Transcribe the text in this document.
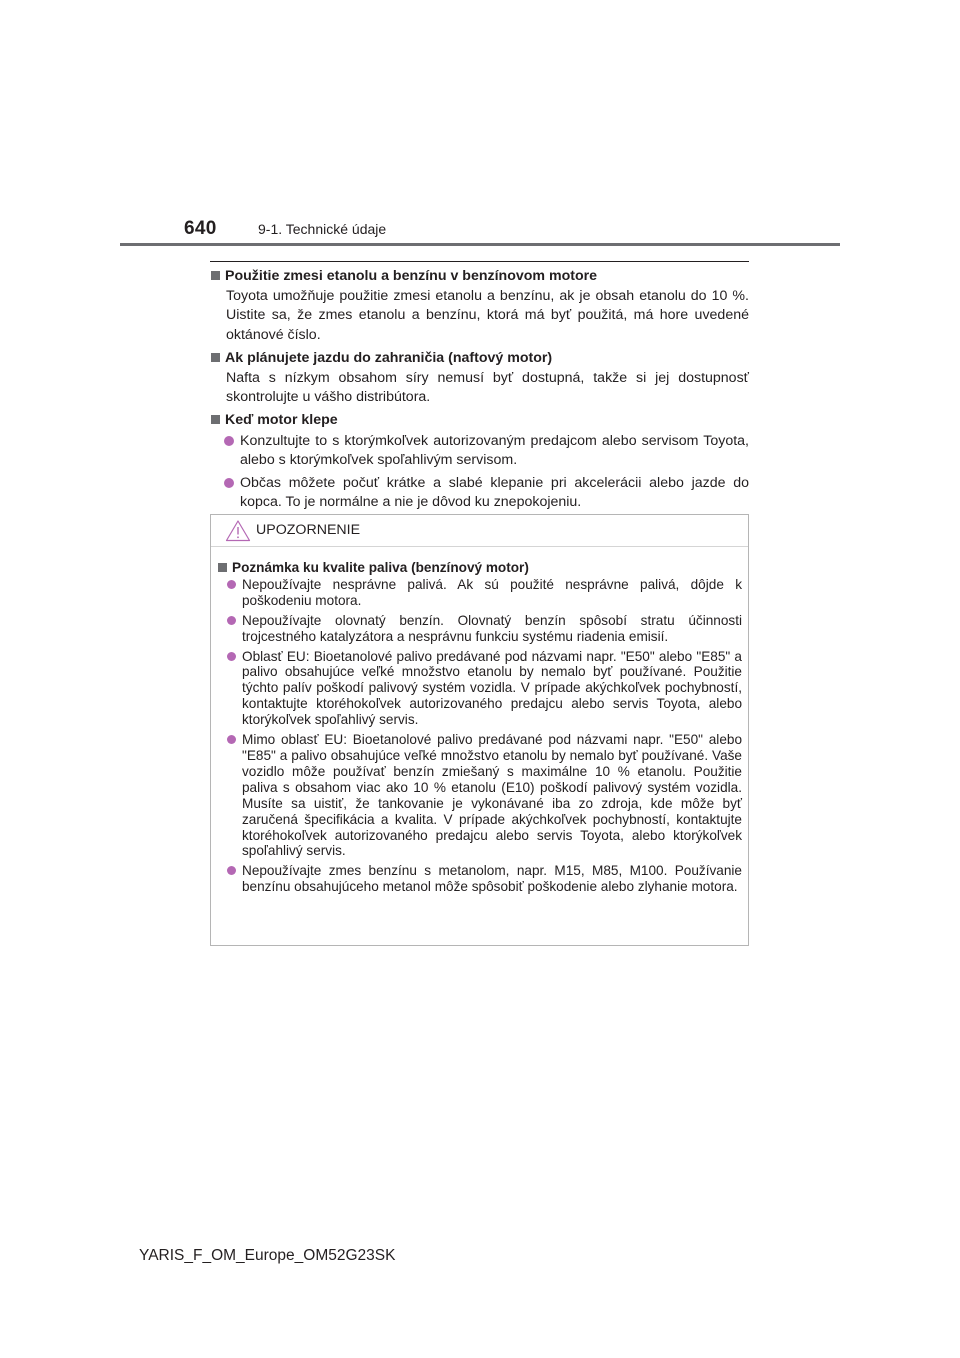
640	9-1. Technické údaje
Použitie zmesi etanolu a benzínu v benzínovom motore
Toyota umožňuje použitie zmesi etanolu a benzínu, ak je obsah etanolu do 10 %. Uistite sa, že zmes etanolu a benzínu, ktorá má byť použitá, má hore uvedené oktánové číslo.
Ak plánujete jazdu do zahraničia (naftový motor)
Nafta s nízkym obsahom síry nemusí byť dostupná, takže si jej dostupnosť skontrolujte u vášho distribútora.
Keď motor klepe
Konzultujte to s ktorýmkoľvek autorizovaným predajcom alebo servisom Toyota, alebo s ktorýmkoľvek spoľahlivým servisom.
Občas môžete počuť krátke a slabé klepanie pri akcelerácii alebo jazde do kopca. To je normálne a nie je dôvod ku znepokojeniu.
UPOZORNENIE
Poznámka ku kvalite paliva (benzínový motor)
Nepoužívajte nesprávne palivá. Ak sú použité nesprávne palivá, dôjde k poškodeniu motora.
Nepoužívajte olovnatý benzín. Olovnatý benzín spôsobí stratu účinnosti trojcestného katalyzátora a nesprávnu funkciu systému riadenia emisií.
Oblasť EU: Bioetanolové palivo predávané pod názvami napr. "E50" alebo "E85" a palivo obsahujúce veľké množstvo etanolu by nemalo byť používané. Použitie týchto palív poškodí palivový systém vozidla. V prípade akýchkoľvek pochybností, kontaktujte ktoréhokoľvek autorizovaného predajcu alebo servis Toyota, alebo ktorýkoľvek spoľahlivý servis.
Mimo oblasť EU: Bioetanolové palivo predávané pod názvami napr. "E50" alebo "E85" a palivo obsahujúce veľké množstvo etanolu by nemalo byť používané. Vaše vozidlo môže používať benzín zmiešaný s maximálne 10 % etanolu. Použitie paliva s obsahom viac ako 10 % etanolu (E10) poškodí palivový systém vozidla. Musíte sa uistiť, že tankovanie je vykonávané iba zo zdroja, kde môže byť zaručená špecifikácia a kvalita. V prípade akýchkoľvek pochybností, kontaktujte ktoréhokoľvek autorizovaného predajcu alebo servis Toyota, alebo ktorýkoľvek spoľahlivý servis.
Nepoužívajte zmes benzínu s metanolom, napr. M15, M85, M100. Používanie benzínu obsahujúceho metanol môže spôsobiť poškodenie alebo zlyhanie motora.
YARIS_F_OM_Europe_OM52G23SK
